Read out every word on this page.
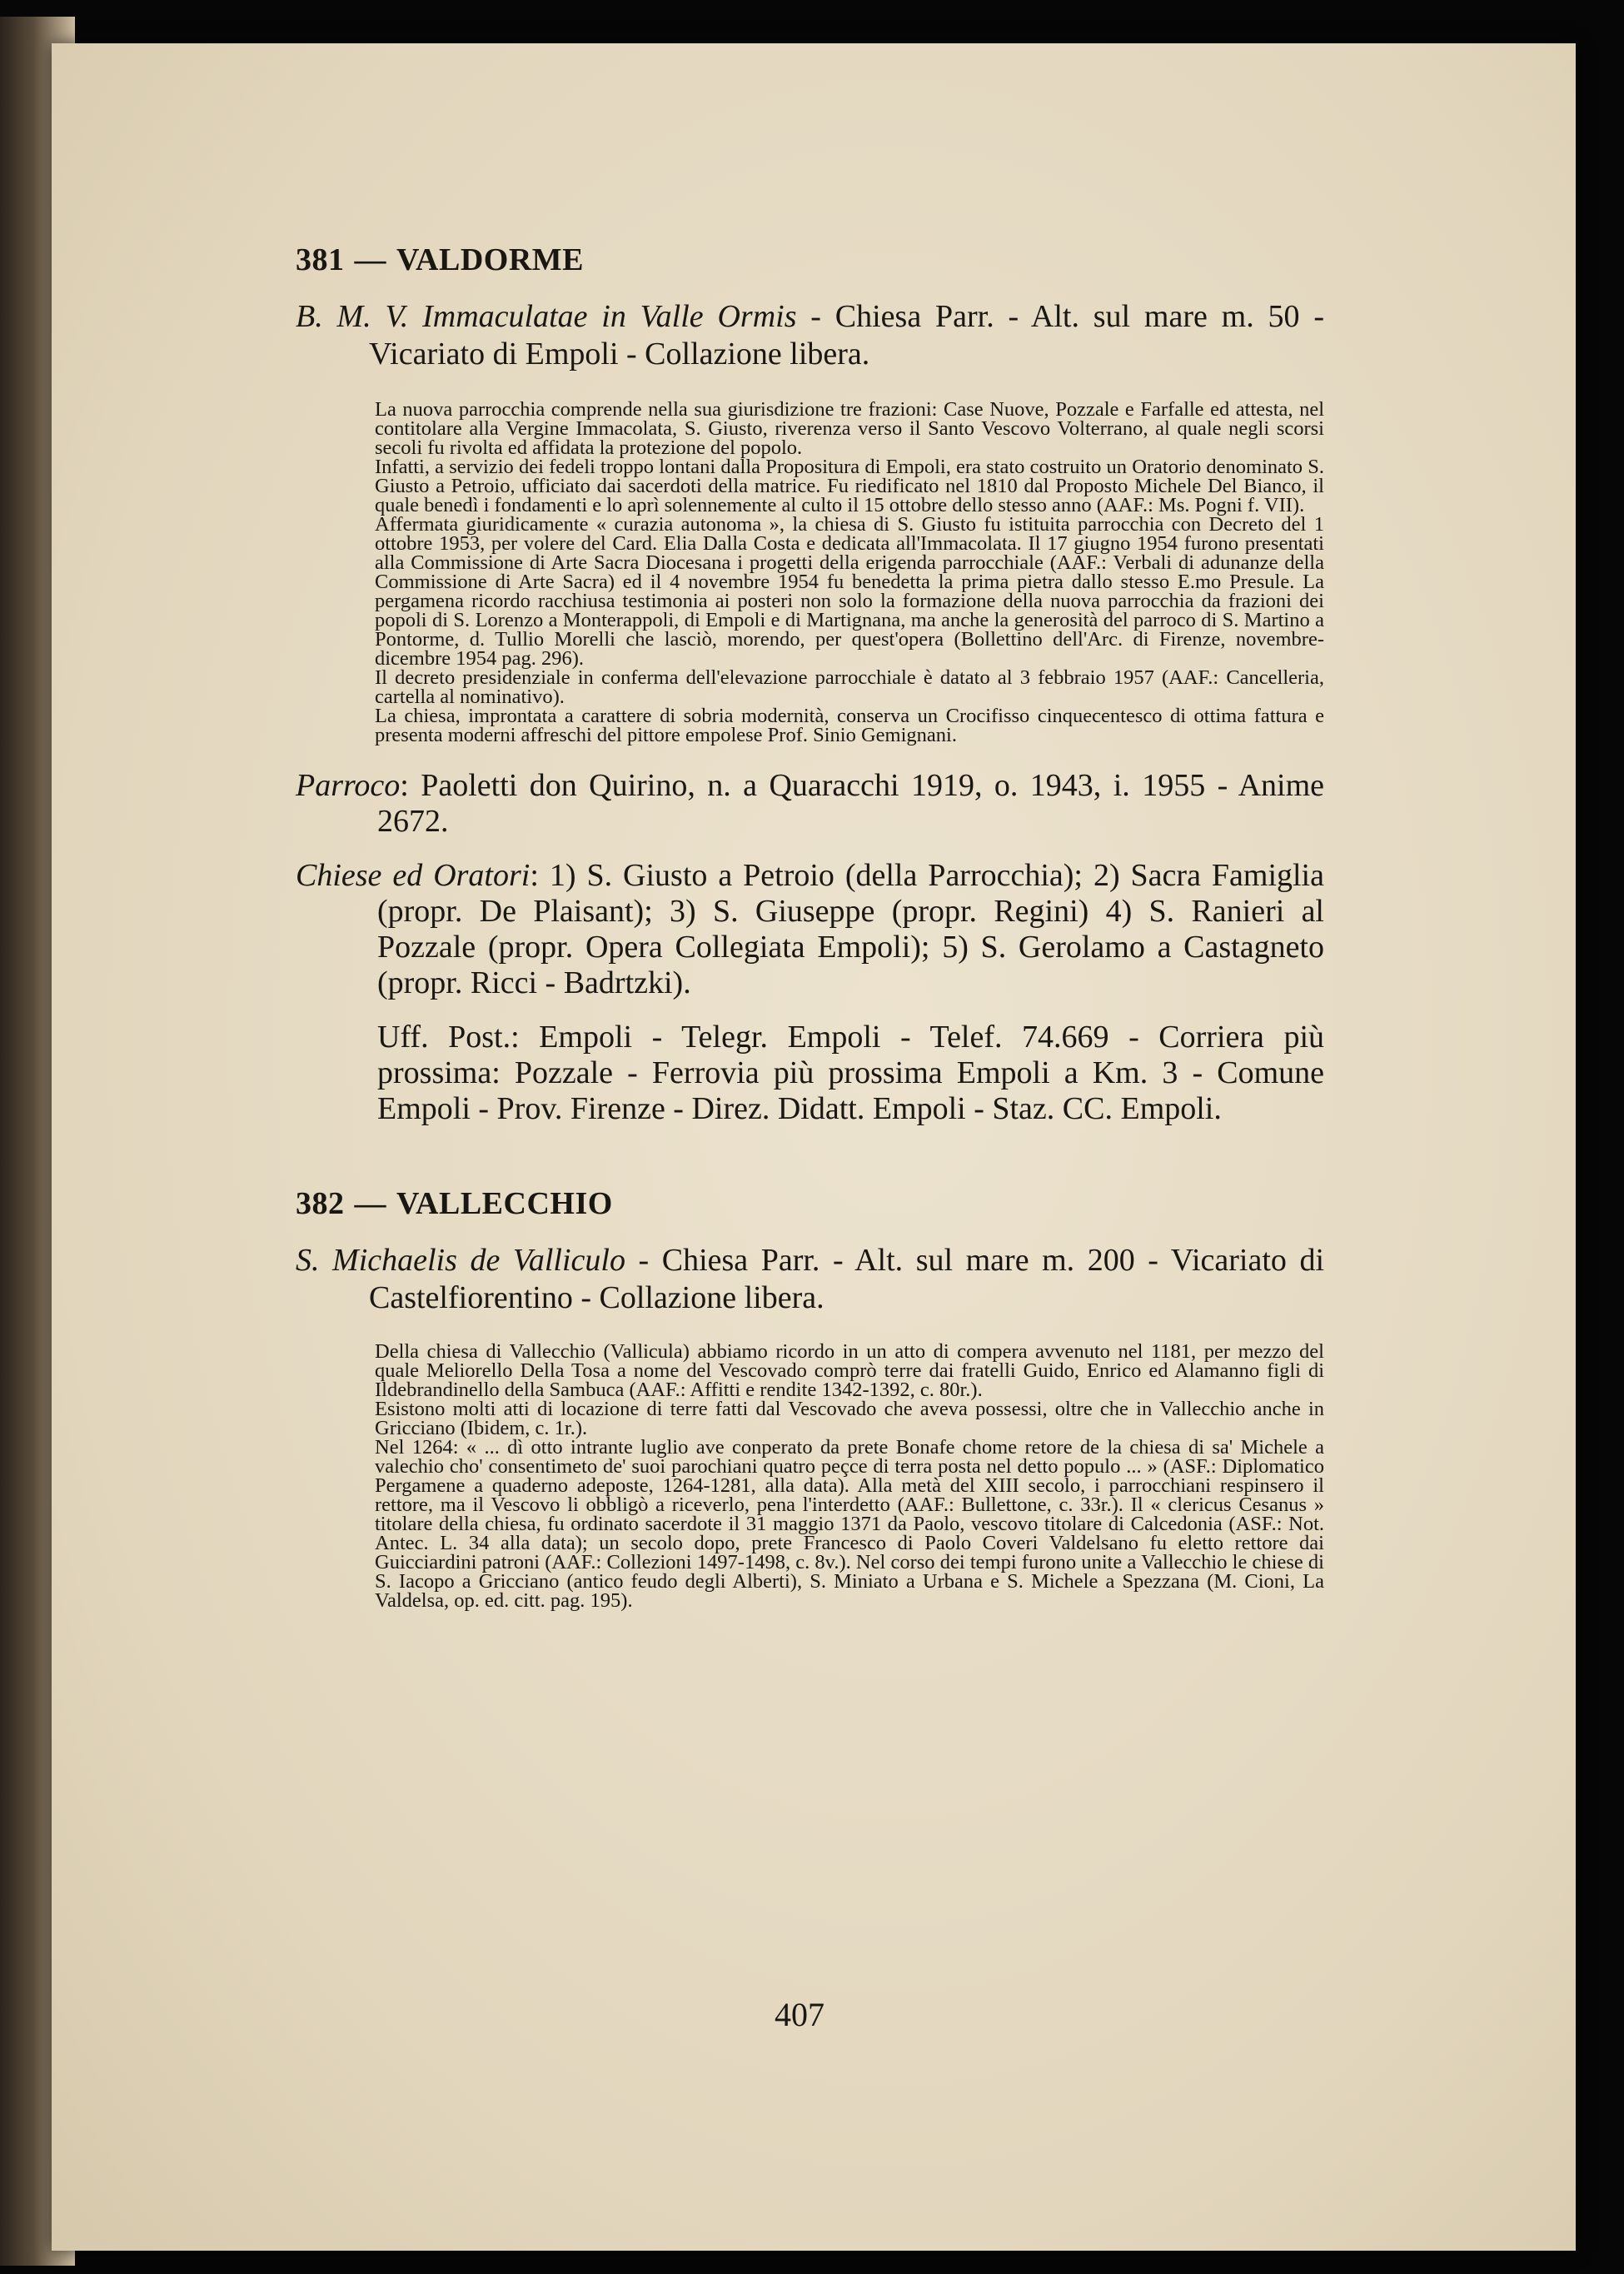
381 — VALDORME

B. M. V. Immaculatae in Valle Ormis - Chiesa Parr. - Alt. sul mare m. 50 - Vicariato di Empoli - Collazione libera.

La nuova parrocchia comprende nella sua giurisdizione tre frazioni: Case Nuove, Pozzale e Farfalle ed attesta, nel contitolare alla Vergine Immacolata, S. Giusto, riverenza verso il Santo Vescovo Volterrano, al quale negli scorsi secoli fu rivolta ed affidata la protezione del popolo.

Infatti, a servizio dei fedeli troppo lontani dalla Propositura di Empoli, era stato costruito un Oratorio denominato S. Giusto a Petroio, ufficiato dai sacerdoti della matrice. Fu riedificato nel 1810 dal Proposto Michele Del Bianco, il quale benedì i fondamenti e lo aprì solennemente al culto il 15 ottobre dello stesso anno (AAF.: Ms. Pogni f. VII).

Affermata giuridicamente « curazia autonoma », la chiesa di S. Giusto fu istituita parrocchia con Decreto del 1 ottobre 1953, per volere del Card. Elia Dalla Costa e dedicata all'Immacolata. Il 17 giugno 1954 furono presentati alla Commissione di Arte Sacra Diocesana i progetti della erigenda parrocchiale (AAF.: Verbali di adunanze della Commissione di Arte Sacra) ed il 4 novembre 1954 fu benedetta la prima pietra dallo stesso E.mo Presule. La pergamena ricordo racchiusa testimonia ai posteri non solo la formazione della nuova parrocchia da frazioni dei popoli di S. Lorenzo a Monterappoli, di Empoli e di Martignana, ma anche la generosità del parroco di S. Martino a Pontorme, d. Tullio Morelli che lasciò, morendo, per quest'opera (Bollettino dell'Arc. di Firenze, novembre-dicembre 1954 pag. 296).

Il decreto presidenziale in conferma dell'elevazione parrocchiale è datato al 3 febbraio 1957 (AAF.: Cancelleria, cartella al nominativo).

La chiesa, improntata a carattere di sobria modernità, conserva un Crocifisso cinquecentesco di ottima fattura e presenta moderni affreschi del pittore empolese Prof. Sinio Gemignani.

Parroco: Paoletti don Quirino, n. a Quaracchi 1919, o. 1943, i. 1955 - Anime 2672.

Chiese ed Oratori: 1) S. Giusto a Petroio (della Parrocchia); 2) Sacra Famiglia (propr. De Plaisant); 3) S. Giuseppe (propr. Regini) 4) S. Ranieri al Pozzale (propr. Opera Collegiata Empoli); 5) S. Gerolamo a Castagneto (propr. Ricci - Badrtzki).

Uff. Post.: Empoli - Telegr. Empoli - Telef. 74.669 - Corriera più prossima: Pozzale - Ferrovia più prossima Empoli a Km. 3 - Comune Empoli - Prov. Firenze - Direz. Didatt. Empoli - Staz. CC. Empoli.

382 — VALLECCHIO

S. Michaelis de Valliculo - Chiesa Parr. - Alt. sul mare m. 200 - Vicariato di Castelfiorentino - Collazione libera.

Della chiesa di Vallecchio (Vallicula) abbiamo ricordo in un atto di compera avvenuto nel 1181, per mezzo del quale Meliorello Della Tosa a nome del Vescovado comprò terre dai fratelli Guido, Enrico ed Alamanno figli di Ildebrandinello della Sambuca (AAF.: Affitti e rendite 1342-1392, c. 80r.).

Esistono molti atti di locazione di terre fatti dal Vescovado che aveva possessi, oltre che in Vallecchio anche in Gricciano (Ibidem, c. 1r.).

Nel 1264: « ... dì otto intrante luglio ave conperato da prete Bonafe chome retore de la chiesa di sa' Michele a valechio cho' consentimeto de' suoi parochiani quatro peçce di terra posta nel detto populo ... » (ASF.: Diplomatico Pergamene a quaderno adeposte, 1264-1281, alla data). Alla metà del XIII secolo, i parrocchiani respinsero il rettore, ma il Vescovo li obbligò a riceverlo, pena l'interdetto (AAF.: Bullettone, c. 33r.). Il « clericus Cesanus » titolare della chiesa, fu ordinato sacerdote il 31 maggio 1371 da Paolo, vescovo titolare di Calcedonia (ASF.: Not. Antec. L. 34 alla data); un secolo dopo, prete Francesco di Paolo Coveri Valdelsano fu eletto rettore dai Guicciardini patroni (AAF.: Collezioni 1497-1498, c. 8v.). Nel corso dei tempi furono unite a Vallecchio le chiese di S. Iacopo a Gricciano (antico feudo degli Alberti), S. Miniato a Urbana e S. Michele a Spezzana (M. Cioni, La Valdelsa, op. ed. citt. pag. 195).

407
